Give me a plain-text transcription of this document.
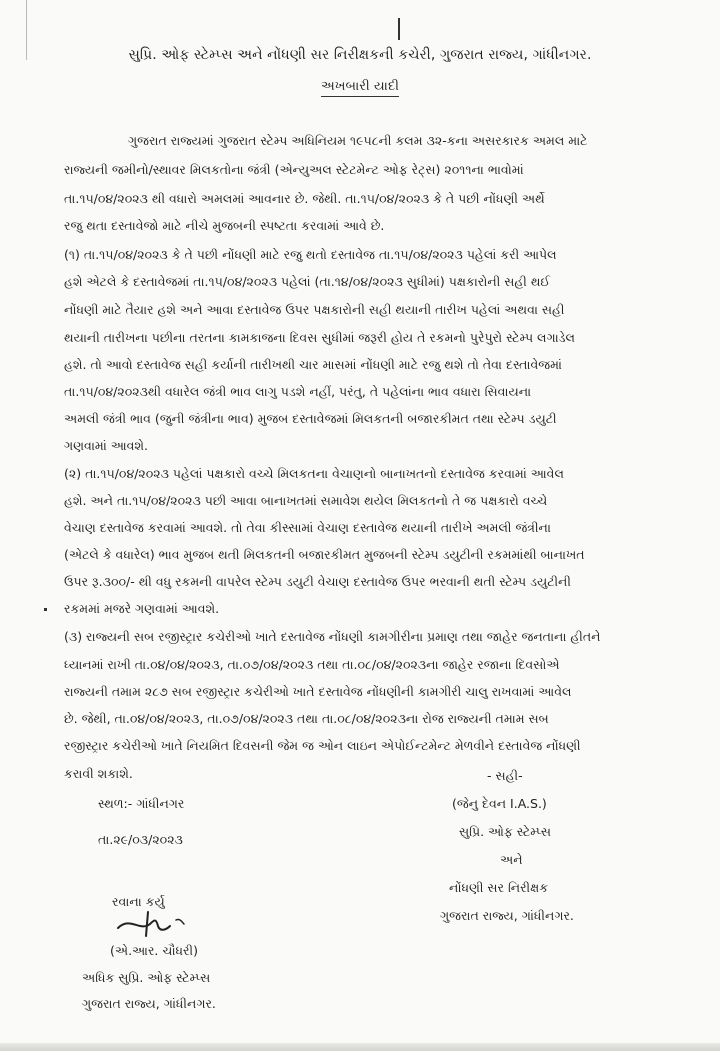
સુપ્રિ. ઓફ સ્ટેમ્પ્સ અને નોંધણી સર નિરીક્ષકની કચેરી, ગુજરાત રાજ્ય, ગાંધીનગર.

અખબારી યાદી

ગુજરાત રાજ્યમાં ગુજરાત સ્ટેમ્પ અધિનિયમ ૧૯૫૮ની કલમ ૩૨-કના અસરકારક અમલ માટે
રાજ્યની જમીનો/સ્થાવર મિલકતોના જંત્રી (એન્યુઅલ સ્ટેટમેન્ટ ઓફ રેટ્સ) ૨૦૧૧ના ભાવોમાં
તા.૧૫/૦૪/૨૦૨૩ થી વધારો અમલમાં આવનાર છે. જેથી. તા.૧૫/૦૪/૨૦૨૩ કે તે પછી નોંધણી અર્થે
રજુ થતા દસ્તાવેજો માટે નીચે મુજબની સ્પષ્ટતા કરવામાં આવે છે.
(૧) તા.૧૫/૦૪/૨૦૨૩ કે તે પછી નોંધણી માટે રજુ થતો દસ્તાવેજ તા.૧૫/૦૪/૨૦૨૩ પહેલાં કરી આપેલ
હશે એટલે કે દસ્તાવેજમાં તા.૧૫/૦૪/૨૦૨૩ પહેલાં (તા.૧૪/૦૪/૨૦૨૩ સુધીમાં) પક્ષકારોની સહી થઈ
નોંધણી માટે તૈયાર હશે અને આવા દસ્તાવેજ ઉપર પક્ષકારોની સહી થયાની તારીખ પહેલાં અથવા સહી
થયાની તારીખના પછીના તરતના કામકાજના દિવસ સુધીમાં જરૂરી હોય તે રકમનો પુરેપુરો સ્ટેમ્પ લગાડેલ
હશે. તો આવો દસ્તાવેજ સહી કર્યાની તારીખથી ચાર માસમાં નોંધણી માટે રજુ થશે તો તેવા દસ્તાવેજમાં
તા.૧૫/૦૪/૨૦૨૩થી વધારેલ જંત્રી ભાવ લાગુ પડશે નહીં, પરંતુ, તે પહેલાંના ભાવ વધારા સિવાયના
અમલી જંત્રી ભાવ (જુની જંત્રીના ભાવ) મુજબ દસ્તાવેજમાં મિલકતની બજારકીમત તથા સ્ટેમ્પ ડયુટી
ગણવામાં આવશે.
(૨) તા.૧૫/૦૪/૨૦૨૩ પહેલાં પક્ષકારો વચ્ચે મિલકતના વેચાણનો બાનાખતનો દસ્તાવેજ કરવામાં આવેલ
હશે. અને તા.૧૫/૦૪/૨૦૨૩ પછી આવા બાનાખતમાં સમાવેશ થયેલ મિલકતનો તે જ પક્ષકારો વચ્ચે
વેચાણ દસ્તાવેજ કરવામાં આવશે. તો તેવા કીસ્સામાં વેચાણ દસ્તાવેજ થયાની તારીખે અમલી જંત્રીના
(એટલે કે વધારેલ) ભાવ મુજબ થતી મિલકતની બજારકીમત મુજબની સ્ટેમ્પ ડયુટીની રકમમાંથી બાનાખત
ઉપર રૂ.૩૦૦/- થી વધુ રકમની વાપરેલ સ્ટેમ્પ ડયુટી વેચાણ દસ્તાવેજ ઉપર ભરવાની થતી સ્ટેમ્પ ડયુટીની
રકમમાં મજરે ગણવામાં આવશે.
(૩) રાજ્યની સબ રજીસ્ટ્રાર કચેરીઓ ખાતે દસ્તાવેજ નોંધણી કામગીરીના પ્રમાણ તથા જાહેર જનતાના હીતને
ધ્યાનમાં રાખી તા.૦૪/૦૪/૨૦૨૩, તા.૦૭/૦૪/૨૦૨૩ તથા તા.૦૮/૦૪/૨૦૨૩ના જાહેર રજાના દિવસોએ
રાજ્યની તમામ ૨૮૭ સબ રજીસ્ટ્રાર કચેરીઓ ખાતે દસ્તાવેજ નોંધણીની કામગીરી ચાલુ રાખવામાં આવેલ
છે. જેથી, તા.૦૪/૦૪/૨૦૨૩, તા.૦૭/૦૪/૨૦૨૩ તથા તા.૦૮/૦૪/૨૦૨૩ના રોજ રાજ્યની તમામ સબ
રજીસ્ટ્રાર કચેરીઓ ખાતે નિયમિત દિવસની જેમ જ ઓન લાઇન એપોઈન્ટમેન્ટ મેળવીને દસ્તાવેજ નોંધણી
કરાવી શકાશે.
સ્થળ:- ગાંધીનગર
તા.૨૯/૦૩/૨૦૨૩
- સહી-
(જેનુ દેવન I.A.S.)
સુપ્રિ. ઓફ સ્ટેમ્પ્સ
અને
નોંધણી સર નિરીક્ષક
ગુજરાત રાજ્ય, ગાંધીનગર.
રવાના કર્યુ
(એ.આર. ચૌધરી)
અધિક સુપ્રિ. ઓફ સ્ટેમ્પ્સ
ગુજરાત રાજ્ય, ગાંધીનગર.
